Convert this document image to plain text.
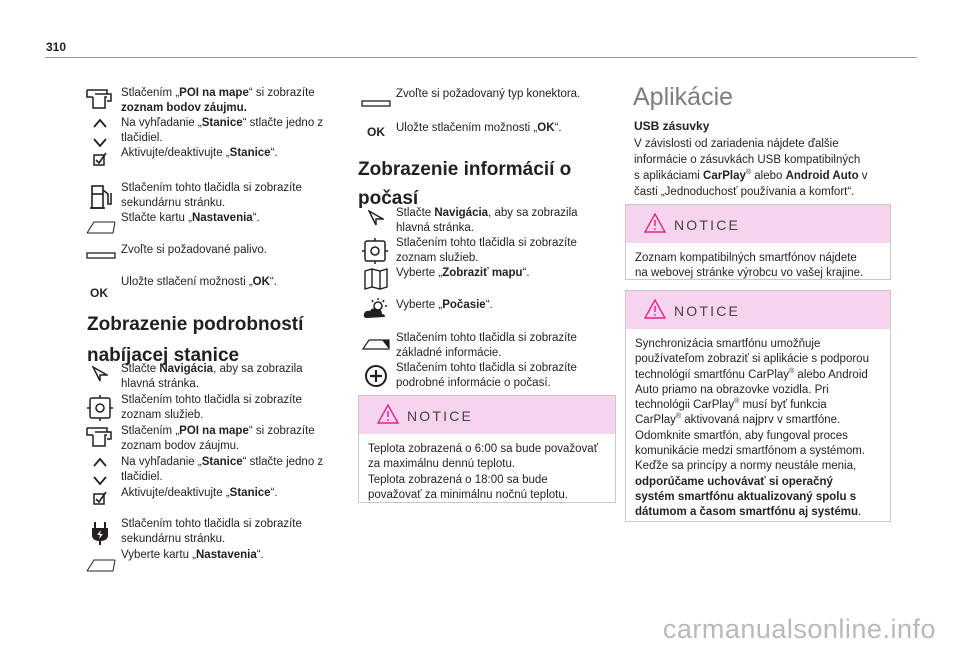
310
OK
Stlačením „POI na mape“ si zobrazíte
zoznam bodov záujmu.
Na vyhľadanie „Stanice“ stlačte jedno z
tlačidiel.
Aktivujte/deaktivujte „Stanice“.
Stlačením tohto tlačidla si zobrazíte
sekundárnu stránku.
Stlačte kartu „Nastavenia“.
Zvoľte si požadované palivo.
Uložte stlačení možnosti „OK“.
Zobrazenie podrobností
nabíjacej stanice
Stlačte Navigácia, aby sa zobrazila
hlavná stránka.
Stlačením tohto tlačidla si zobrazíte
zoznam služieb.
Stlačením „POI na mape“ si zobrazíte
zoznam bodov záujmu.
Na vyhľadanie „Stanice“ stlačte jedno z
tlačidiel.
Aktivujte/deaktivujte „Stanice“.
Stlačením tohto tlačidla si zobrazíte
sekundárnu stránku.
Vyberte kartu „Nastavenia“.
OK
Zvoľte si požadovaný typ konektora.
Uložte stlačením možnosti „OK“.
Zobrazenie informácií o
počasí
Stlačte Navigácia, aby sa zobrazila
hlavná stránka.
Stlačením tohto tlačidla si zobrazíte
zoznam služieb.
Vyberte „Zobraziť mapu“.
Vyberte „Počasie“.
Stlačením tohto tlačidla si zobrazíte
základné informácie.
Stlačením tohto tlačidla si zobrazíte
podrobné informácie o počasí.
NOTICE
Teplota zobrazená o 6:00 sa bude považovať
za maximálnu dennú teplotu.
Teplota zobrazená o 18:00 sa bude
považovať za minimálnu nočnú teplotu.
Aplikácie
USB zásuvky
V závislosti od zariadenia nájdete ďalšie
informácie o zásuvkách USB kompatibilných
s aplikáciami CarPlay® alebo Android Auto v
časti „Jednoduchosť používania a komfort“.
NOTICE
Zoznam kompatibilných smartfónov nájdete
na webovej stránke výrobcu vo vašej krajine.
NOTICE
Synchronizácia smartfónu umožňuje
používateľom zobraziť si aplikácie s podporou
technológií smartfónu CarPlay® alebo Android
Auto priamo na obrazovke vozidla. Pri
technológii CarPlay® musí byť funkcia
CarPlay® aktivovaná najprv v smartfóne.
Odomknite smartfón, aby fungoval proces
komunikácie medzi smartfónom a systémom.
Keďže sa princípy a normy neustále menia,
odporúčame uchovávať si operačný
systém smartfónu aktualizovaný spolu s
dátumom a časom smartfónu aj systému.
carmanualsonline.info
